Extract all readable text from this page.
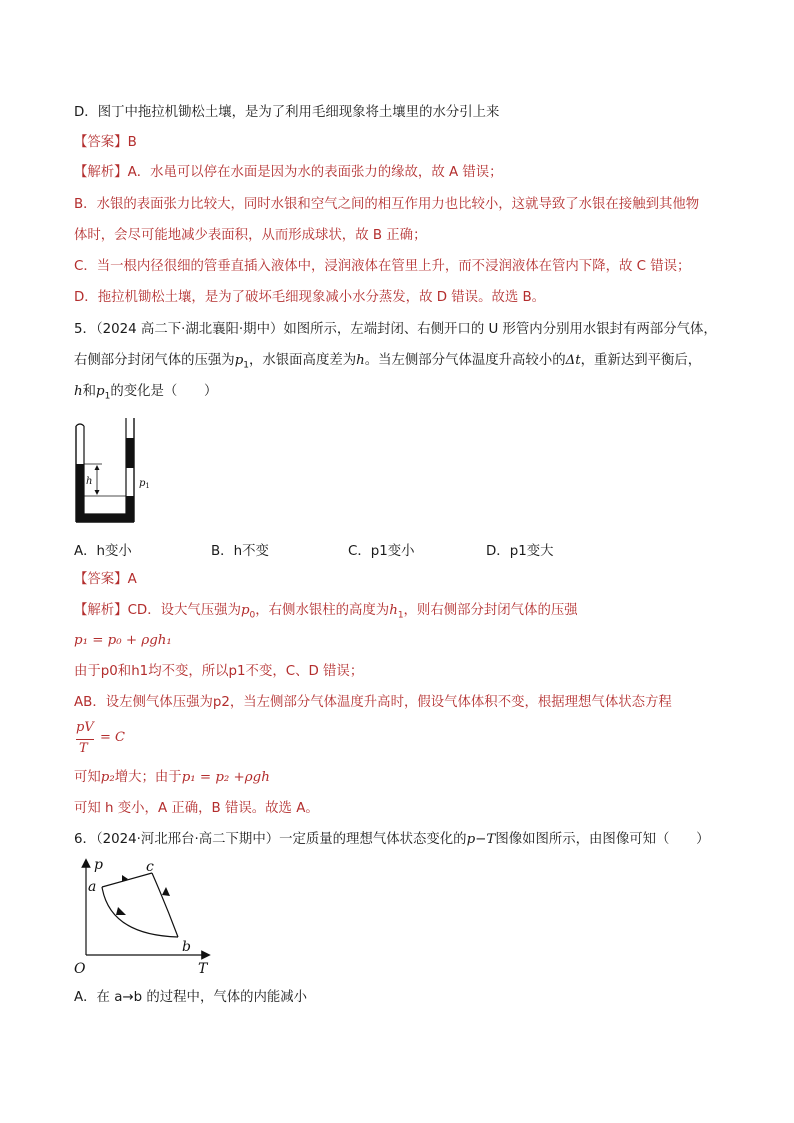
D．图丁中拖拉机锄松土壤，是为了利用毛细现象将土壤里的水分引上来
【答案】B
【解析】A．水黾可以停在水面是因为水的表面张力的缘故，故 A 错误；
B．水银的表面张力比较大，同时水银和空气之间的相互作用力也比较小，这就导致了水银在接触到其他物
体时，会尽可能地减少表面积，从而形成球状，故 B 正确；
C．当一根内径很细的管垂直插入液体中，浸润液体在管里上升，而不浸润液体在管内下降，故 C 错误；
D．拖拉机锄松土壤，是为了破坏毛细现象减小水分蒸发，故 D 错误。故选 B。
5．（2024 高二下·湖北襄阳·期中）如图所示，左端封闭、右侧开口的 U 形管内分别用水银封有两部分气体，
右侧部分封闭气体的压强为$p_1$，水银面高度差为h。当左侧部分气体温度升高较小的Δt，重新达到平衡后，
h和$p_1$的变化是（　　）
h	$p_1$
A．h变小	B．h不变	C．p1变小	D．p1变大
【答案】A
【解析】CD．设大气压强为$p_0$，右侧水银柱的高度为$h_1$，则右侧部分封闭气体的压强
p₁ = p₀ + ρgh₁
由于p0和h1均不变，所以p1不变，C、D 错误；
AB．设左侧气体压强为p2，当左侧部分气体温度升高时，假设气体体积不变，根据理想气体状态方程
pV
T
= C
可知p₂增大；由于p₁ = p₂ +ρgh
可知 h 变小，A 正确，B 错误。故选 A。
6．（2024·河北邢台·高二下期中）一定质量的理想气体状态变化的p−T图像如图所示，由图像可知（　　）
p
T
O
a
b
c
A．在 a→b 的过程中，气体的内能减小
